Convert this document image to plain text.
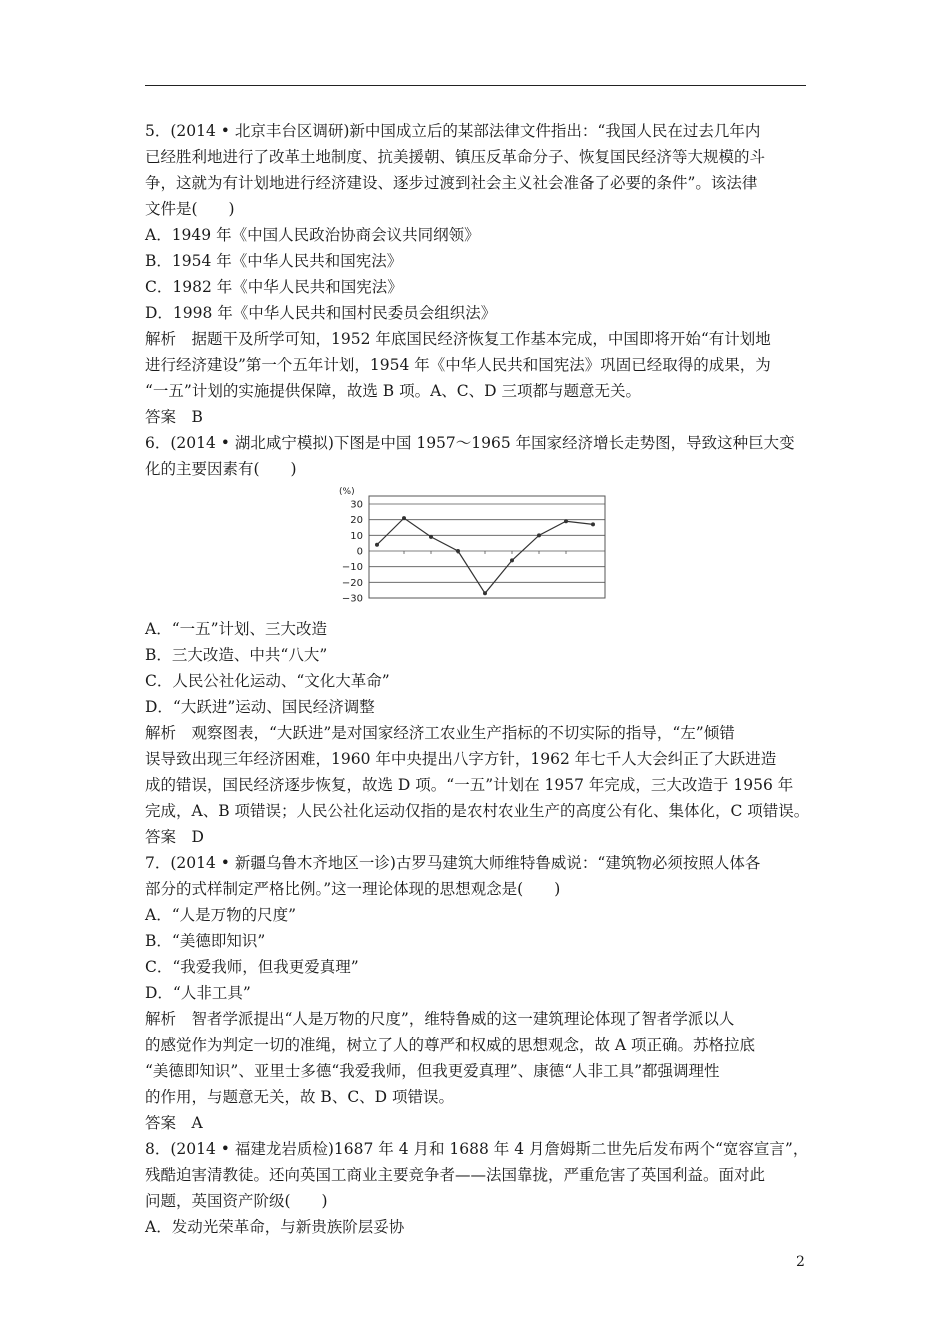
5．(2014 • 北京丰台区调研)新中国成立后的某部法律文件指出：“我国人民在过去几年内
已经胜利地进行了改革土地制度、抗美援朝、镇压反革命分子、恢复国民经济等大规模的斗
争，这就为有计划地进行经济建设、逐步过渡到社会主义社会准备了必要的条件”。该法律
文件是(　　)
A．1949 年《中国人民政治协商会议共同纲领》
B．1954 年《中华人民共和国宪法》
C．1982 年《中华人民共和国宪法》
D．1998 年《中华人民共和国村民委员会组织法》
解析　据题干及所学可知，1952 年底国民经济恢复工作基本完成，中国即将开始“有计划地
进行经济建设”第一个五年计划，1954 年《中华人民共和国宪法》巩固已经取得的成果，为
“一五”计划的实施提供保障，故选 B 项。A、C、D 三项都与题意无关。
答案　B
6．(2014 • 湖北咸宁模拟)下图是中国 1957～1965 年国家经济增长走势图，导致这种巨大变
化的主要因素有(　　)
(%)
30
20
10
0
−10
−20
−30
A．“一五”计划、三大改造
B．三大改造、中共“八大”
C．人民公社化运动、“文化大革命”
D．“大跃进”运动、国民经济调整
解析　观察图表，“大跃进”是对国家经济工农业生产指标的不切实际的指导，“左”倾错
误导致出现三年经济困难，1960 年中央提出八字方针，1962 年七千人大会纠正了大跃进造
成的错误，国民经济逐步恢复，故选 D 项。“一五”计划在 1957 年完成，三大改造于 1956 年
完成，A、B 项错误；人民公社化运动仅指的是农村农业生产的高度公有化、集体化，C 项错误。
答案　D
7．(2014 • 新疆乌鲁木齐地区一诊)古罗马建筑大师维特鲁威说：“建筑物必须按照人体各
部分的式样制定严格比例。”这一理论体现的思想观念是(　　)
A．“人是万物的尺度”
B．“美德即知识”
C．“我爱我师，但我更爱真理”
D．“人非工具”
解析　智者学派提出“人是万物的尺度”，维特鲁威的这一建筑理论体现了智者学派以人
的感觉作为判定一切的准绳，树立了人的尊严和权威的思想观念，故 A 项正确。苏格拉底
“美德即知识”、亚里士多德“我爱我师，但我更爱真理”、康德“人非工具”都强调理性
的作用，与题意无关，故 B、C、D 项错误。
答案　A
8．(2014 • 福建龙岩质检)1687 年 4 月和 1688 年 4 月詹姆斯二世先后发布两个“宽容宣言”，
残酷迫害清教徒。还向英国工商业主要竞争者——法国靠拢，严重危害了英国利益。面对此
问题，英国资产阶级(　　)
A．发动光荣革命，与新贵族阶层妥协
2
